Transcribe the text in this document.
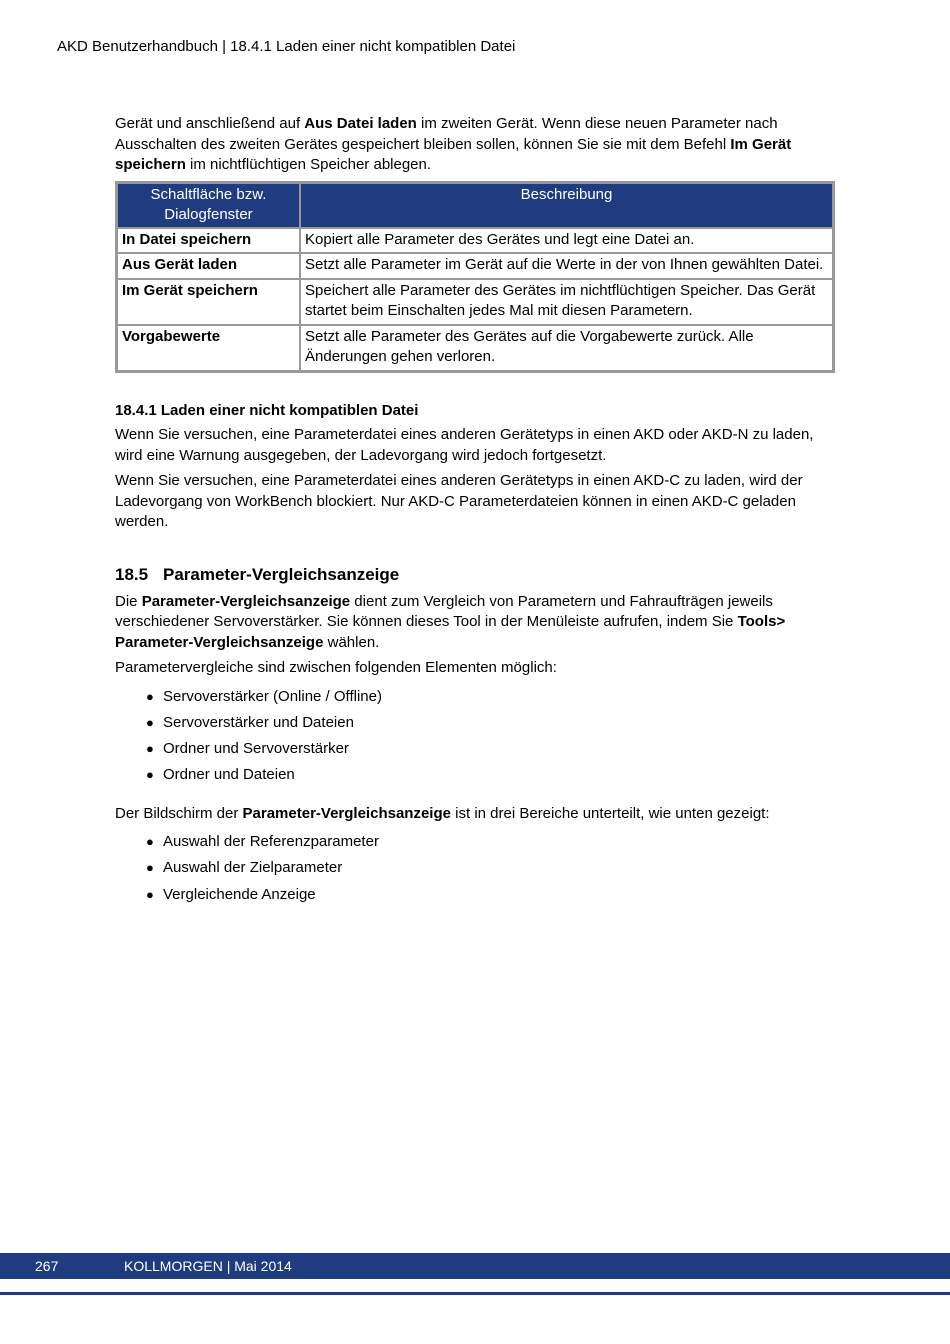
AKD Benutzerhandbuch | 18.4.1 Laden einer nicht kompatiblen Datei

Gerät und anschließend auf Aus Datei laden im zweiten Gerät. Wenn diese neuen Parameter nach Ausschalten des zweiten Gerätes gespeichert bleiben sollen, können Sie sie mit dem Befehl Im Gerät speichern im nichtflüchtigen Speicher ablegen.

Schaltfläche bzw. Dialogfenster	Beschreibung
In Datei speichern	Kopiert alle Parameter des Gerätes und legt eine Datei an.
Aus Gerät laden	Setzt alle Parameter im Gerät auf die Werte in der von Ihnen gewählten Datei.
Im Gerät speichern	Speichert alle Parameter des Gerätes im nichtflüchtigen Speicher. Das Gerät startet beim Einschalten jedes Mal mit diesen Parametern.
Vorgabewerte	Setzt alle Parameter des Gerätes auf die Vorgabewerte zurück. Alle Änderungen gehen verloren.
18.4.1 Laden einer nicht kompatiblen Datei

Wenn Sie versuchen, eine Parameterdatei eines anderen Gerätetyps in einen AKD oder AKD-N zu laden, wird eine Warnung ausgegeben, der Ladevorgang wird jedoch fortgesetzt.

Wenn Sie versuchen, eine Parameterdatei eines anderen Gerätetyps in einen AKD-C zu laden, wird der Ladevorgang von WorkBench blockiert. Nur AKD-C Parameterdateien können in einen AKD-C geladen werden.

18.5 Parameter-Vergleichsanzeige

Die Parameter-Vergleichsanzeige dient zum Vergleich von Parametern und Fahraufträgen jeweils verschiedener Servoverstärker. Sie können dieses Tool in der Menüleiste aufrufen, indem Sie Tools> Parameter-Vergleichsanzeige wählen.

Parametervergleiche sind zwischen folgenden Elementen möglich:

● Servoverstärker (Online / Offline)
● Servoverstärker und Dateien
● Ordner und Servoverstärker
● Ordner und Dateien

Der Bildschirm der Parameter-Vergleichsanzeige ist in drei Bereiche unterteilt, wie unten gezeigt:

● Auswahl der Referenzparameter
● Auswahl der Zielparameter
● Vergleichende Anzeige
267	KOLLMORGEN | Mai 2014
